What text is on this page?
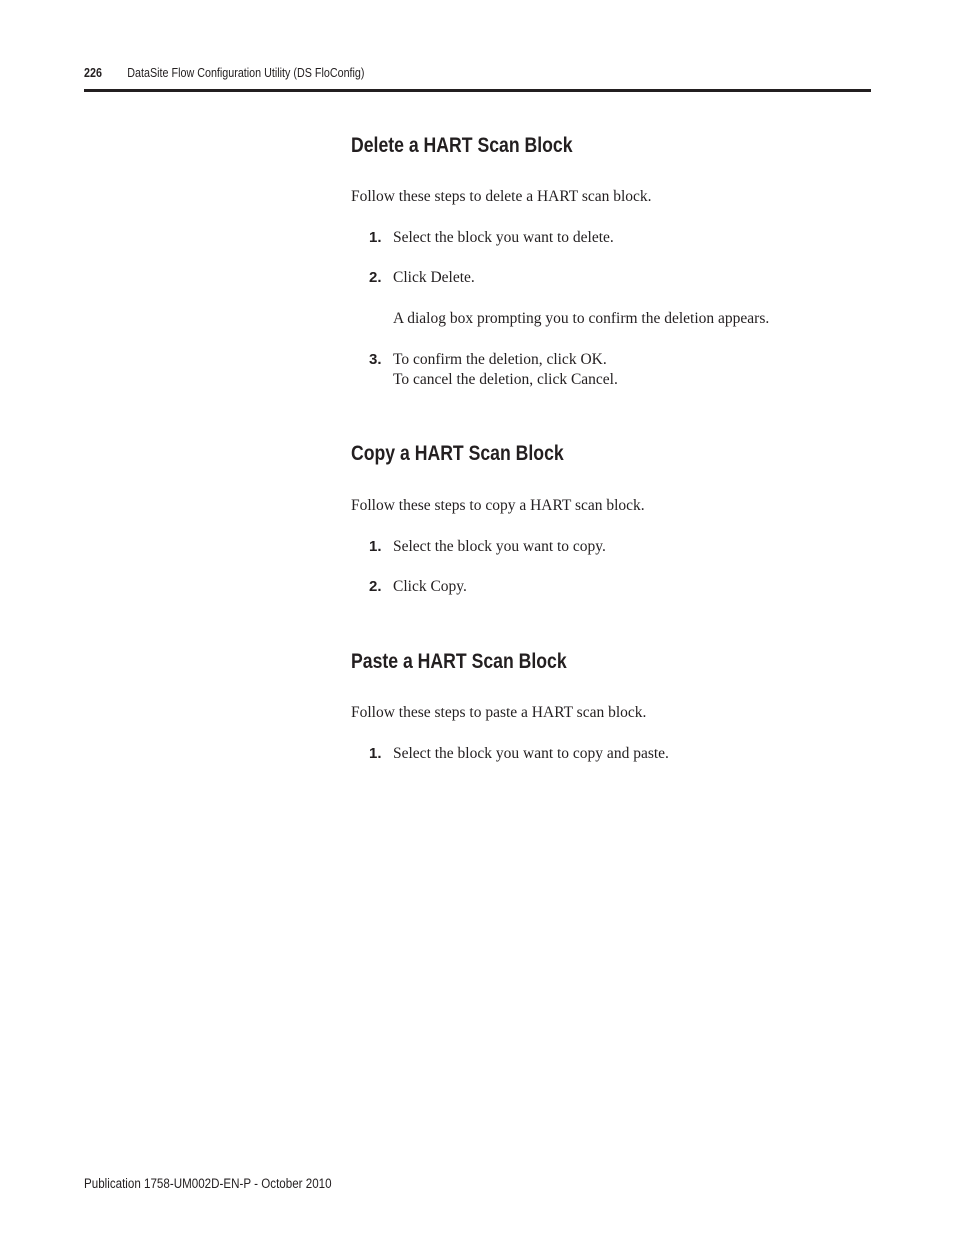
226 DataSite Flow Configuration Utility (DS FloConfig)
Delete a HART Scan Block

Follow these steps to delete a HART scan block.

1. Select the block you want to delete.
2. Click Delete.

A dialog box prompting you to confirm the deletion appears.

3. To confirm the deletion, click OK.
To cancel the deletion, click Cancel.
Copy a HART Scan Block

Follow these steps to copy a HART scan block.

1. Select the block you want to copy.
2. Click Copy.
Paste a HART Scan Block

Follow these steps to paste a HART scan block.

1. Select the block you want to copy and paste.
Publication 1758-UM002D-EN-P - October 2010
